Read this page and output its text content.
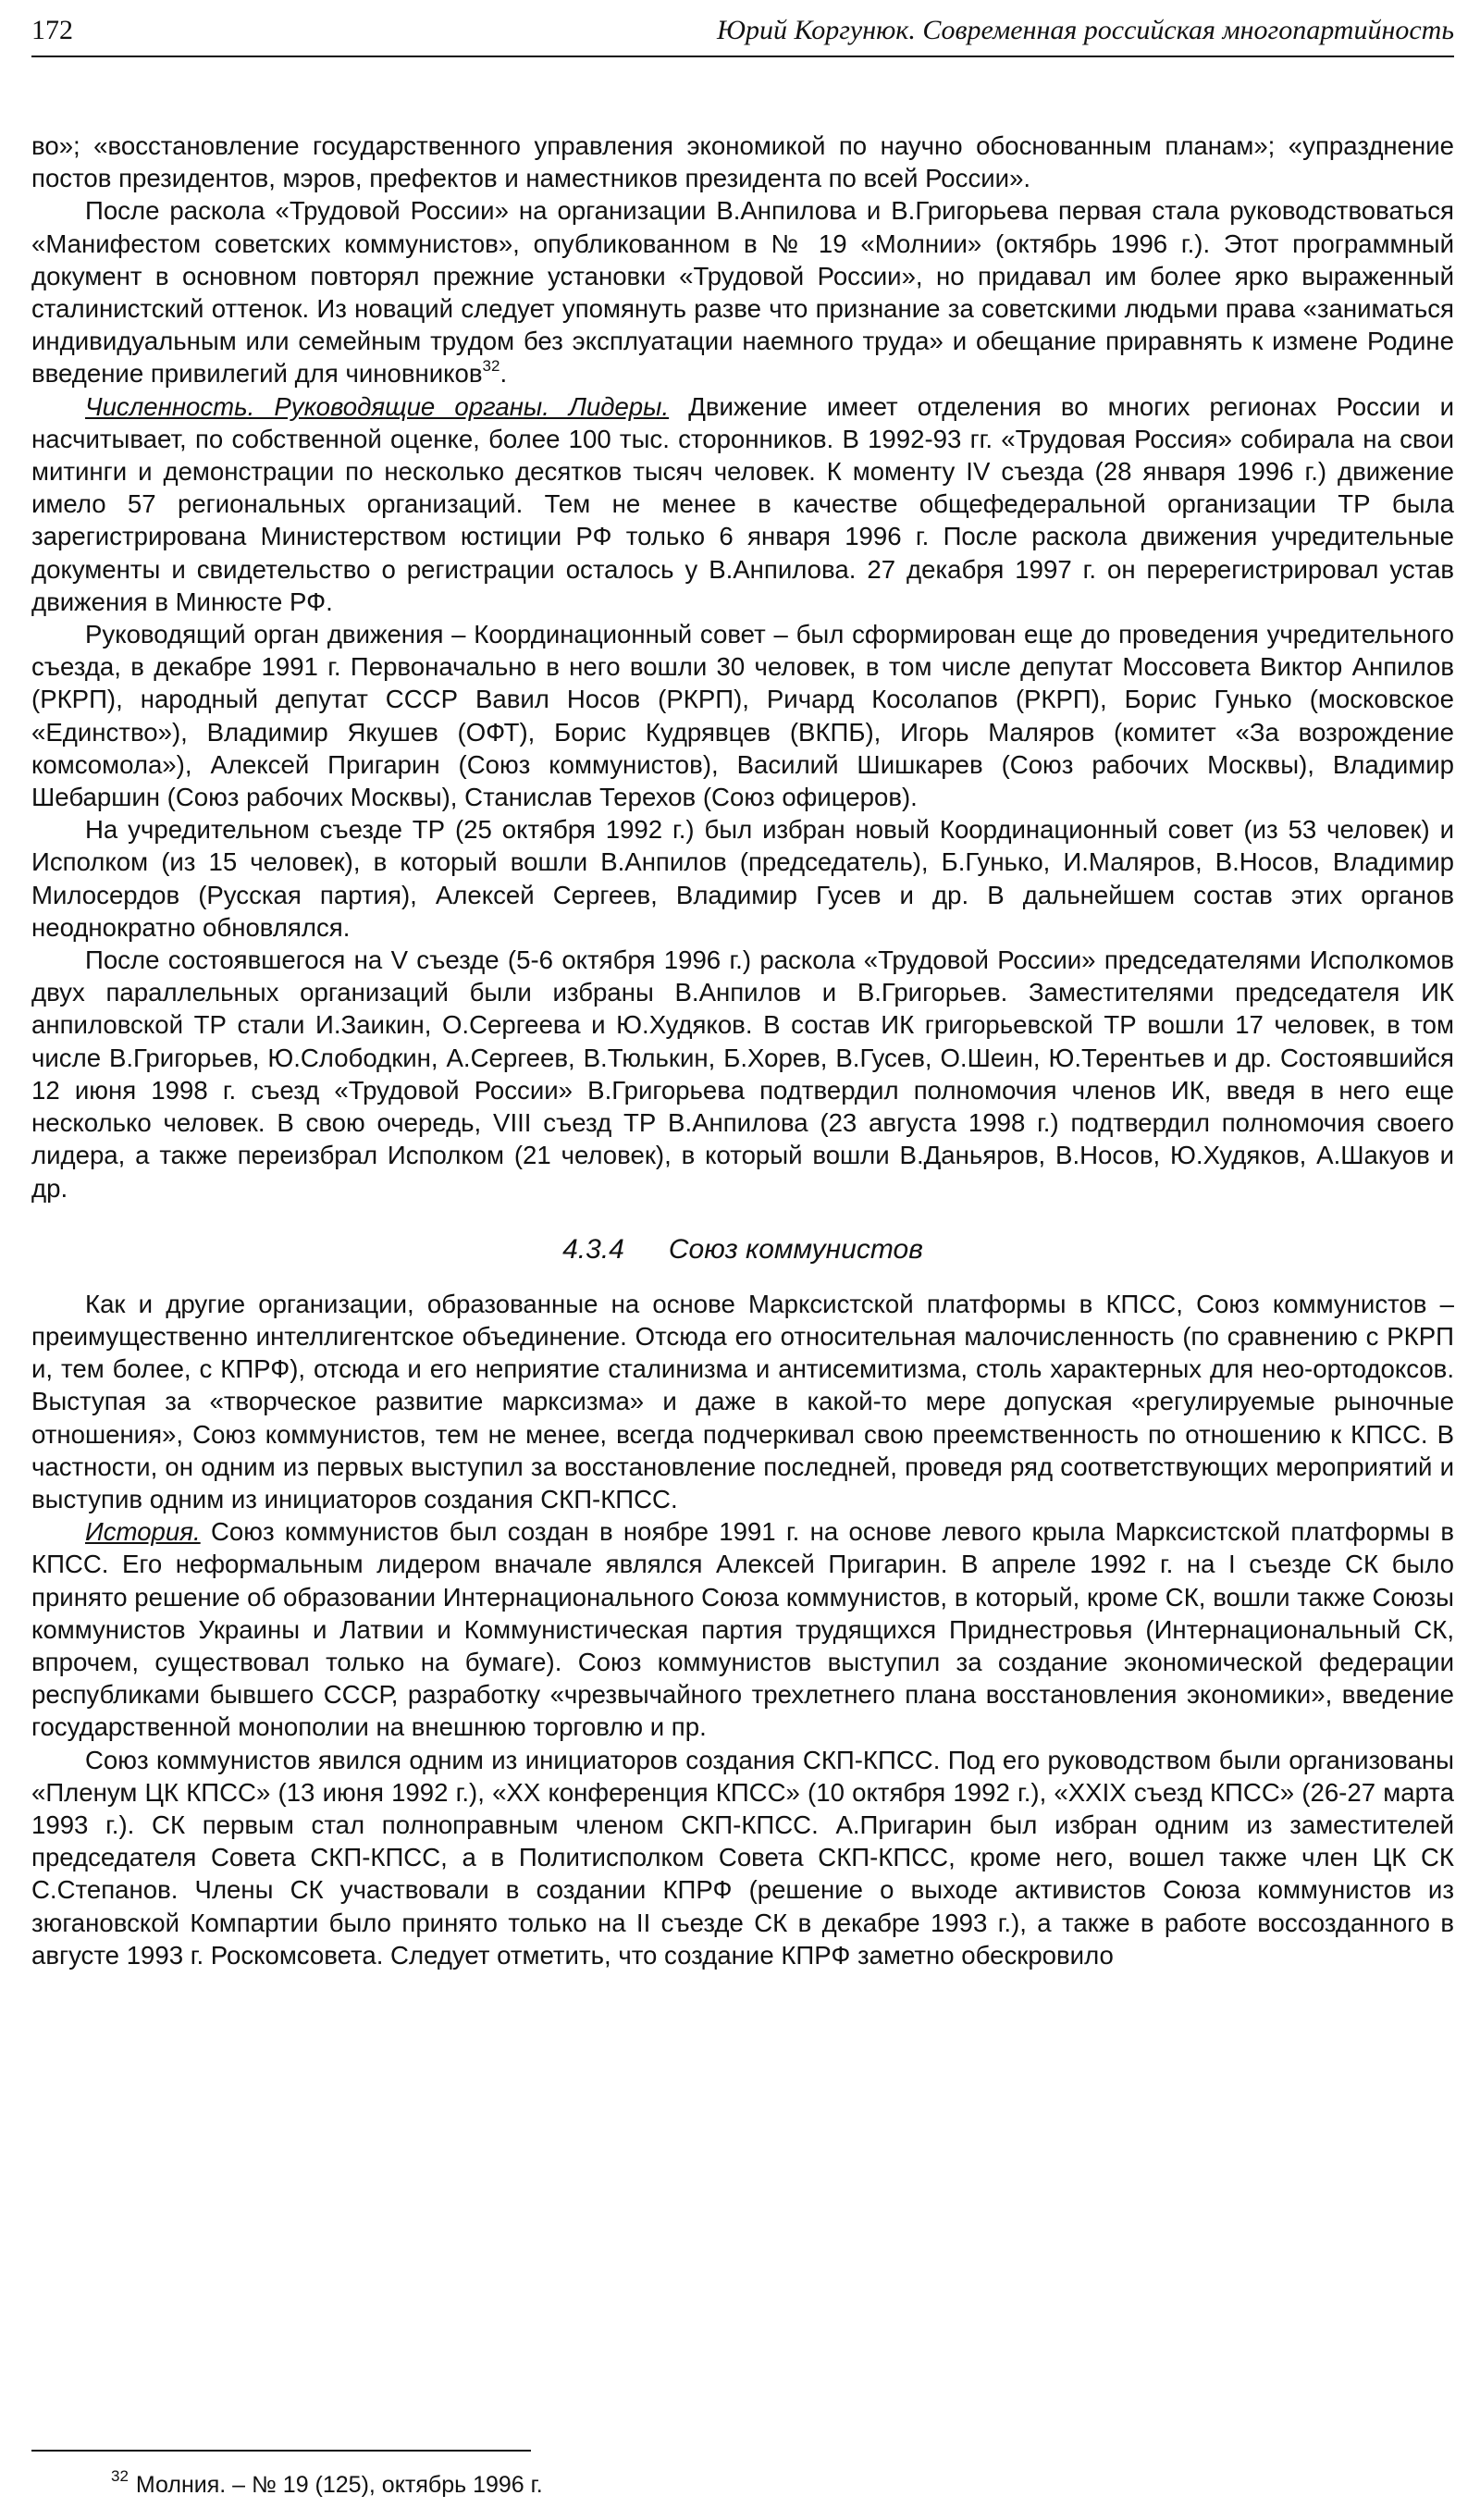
172	Юрий Коргунюк. Современная российская многопартийность

во»; «восстановление государственного управления экономикой по научно обоснованным планам»; «упразднение постов президентов, мэров, префектов и наместников президента по всей России».

После раскола «Трудовой России» на организации В.Анпилова и В.Григорьева первая стала руководствоваться «Манифестом советских коммунистов», опубликованном в № 19 «Молнии» (октябрь 1996 г.). Этот программный документ в основном повторял прежние установки «Трудовой России», но придавал им более ярко выраженный сталинистский оттенок. Из новаций следует упомянуть разве что признание за советскими людьми права «заниматься индивидуальным или семейным трудом без эксплуатации наемного труда» и обещание приравнять к измене Родине введение привилегий для чиновников$^{32}$.

Численность. Руководящие органы. Лидеры. Движение имеет отделения во многих регионах России и насчитывает, по собственной оценке, более 100 тыс. сторонников. В 1992-93 гг. «Трудовая Россия» собирала на свои митинги и демонстрации по несколько десятков тысяч человек. К моменту IV съезда (28 января 1996 г.) движение имело 57 региональных организаций. Тем не менее в качестве общефедеральной организации ТР была зарегистрирована Министерством юстиции РФ только 6 января 1996 г. После раскола движения учредительные документы и свидетельство о регистрации осталось у В.Анпилова. 27 декабря 1997 г. он перерегистрировал устав движения в Минюсте РФ.

Руководящий орган движения – Координационный совет – был сформирован еще до проведения учредительного съезда, в декабре 1991 г. Первоначально в него вошли 30 человек, в том числе депутат Моссовета Виктор Анпилов (РКРП), народный депутат СССР Вавил Носов (РКРП), Ричард Косолапов (РКРП), Борис Гунько (московское «Единство»), Владимир Якушев (ОФТ), Борис Кудрявцев (ВКПБ), Игорь Маляров (комитет «За возрождение комсомола»), Алексей Пригарин (Союз коммунистов), Василий Шишкарев (Союз рабочих Москвы), Владимир Шебаршин (Союз рабочих Москвы), Станислав Терехов (Союз офицеров).

На учредительном съезде ТР (25 октября 1992 г.) был избран новый Координационный совет (из 53 человек) и Исполком (из 15 человек), в который вошли В.Анпилов (председатель), Б.Гунько, И.Маляров, В.Носов, Владимир Милосердов (Русская партия), Алексей Сергеев, Владимир Гусев и др. В дальнейшем состав этих органов неоднократно обновлялся.

После состоявшегося на V съезде (5-6 октября 1996 г.) раскола «Трудовой России» председателями Исполкомов двух параллельных организаций были избраны В.Анпилов и В.Григорьев. Заместителями председателя ИК анпиловской ТР стали И.Заикин, О.Сергеева и Ю.Худяков. В состав ИК григорьевской ТР вошли 17 человек, в том числе В.Григорьев, Ю.Слободкин, А.Сергеев, В.Тюлькин, Б.Хорев, В.Гусев, О.Шеин, Ю.Терентьев и др. Состоявшийся 12 июня 1998 г. съезд «Трудовой России» В.Григорьева подтвердил полномочия членов ИК, введя в него еще несколько человек. В свою очередь, VIII съезд ТР В.Анпилова (23 августа 1998 г.) подтвердил полномочия своего лидера, а также переизбрал Исполком (21 человек), в который вошли В.Даньяров, В.Носов, Ю.Худяков, А.Шакуов и др.

4.3.4 Союз коммунистов

Как и другие организации, образованные на основе Марксистской платформы в КПСС, Союз коммунистов – преимущественно интеллигентское объединение. Отсюда его относительная малочисленность (по сравнению с РКРП и, тем более, с КПРФ), отсюда и его неприятие сталинизма и антисемитизма, столь характерных для нео-ортодоксов. Выступая за «творческое развитие марксизма» и даже в какой-то мере допуская «регулируемые рыночные отношения», Союз коммунистов, тем не менее, всегда подчеркивал свою преемственность по отношению к КПСС. В частности, он одним из первых выступил за восстановление последней, проведя ряд соответствующих мероприятий и выступив одним из инициаторов создания СКП-КПСС.

История. Союз коммунистов был создан в ноябре 1991 г. на основе левого крыла Марксистской платформы в КПСС. Его неформальным лидером вначале являлся Алексей Пригарин. В апреле 1992 г. на I съезде СК было принято решение об образовании Интернационального Союза коммунистов, в который, кроме СК, вошли также Союзы коммунистов Украины и Латвии и Коммунистическая партия трудящихся Приднестровья (Интернациональный СК, впрочем, существовал только на бумаге). Союз коммунистов выступил за создание экономической федерации республиками бывшего СССР, разработку «чрезвычайного трехлетнего плана восстановления экономики», введение государственной монополии на внешнюю торговлю и пр.

Союз коммунистов явился одним из инициаторов создания СКП-КПСС. Под его руководством были организованы «Пленум ЦК КПСС» (13 июня 1992 г.), «XX конференция КПСС» (10 октября 1992 г.), «XXIX съезд КПСС» (26-27 марта 1993 г.). СК первым стал полноправным членом СКП-КПСС. А.Пригарин был избран одним из заместителей председателя Совета СКП-КПСС, а в Политисполком Совета СКП-КПСС, кроме него, вошел также член ЦК СК С.Степанов. Члены СК участвовали в создании КПРФ (решение о выходе активистов Союза коммунистов из зюгановской Компартии было принято только на II съезде СК в декабре 1993 г.), а также в работе воссозданного в августе 1993 г. Роскомсовета. Следует отметить, что создание КПРФ заметно обескровило

$^{32}$ Молния. – № 19 (125), октябрь 1996 г.
